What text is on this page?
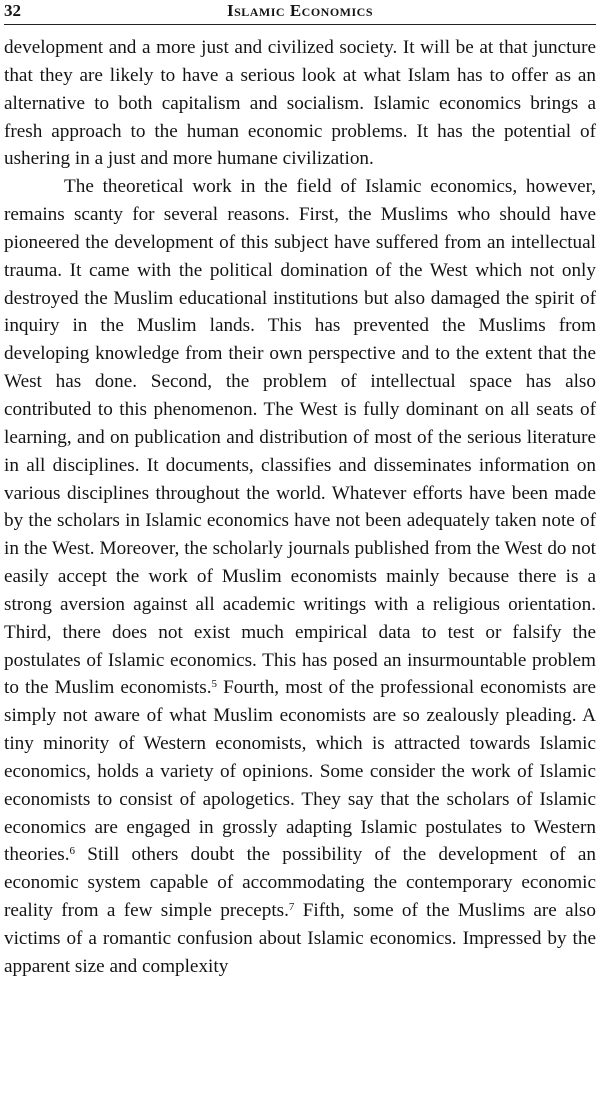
32	Islamic Economics

development and a more just and civilized society. It will be at that juncture that they are likely to have a serious look at what Islam has to offer as an alternative to both capitalism and socialism. Islamic economics brings a fresh approach to the human economic problems. It has the potential of ushering in a just and more humane civilization.

The theoretical work in the field of Islamic economics, however, remains scanty for several reasons. First, the Muslims who should have pioneered the development of this subject have suffered from an intellectual trauma. It came with the political domination of the West which not only destroyed the Muslim educational institutions but also damaged the spirit of inquiry in the Muslim lands. This has prevented the Muslims from developing knowledge from their own perspective and to the extent that the West has done. Second, the problem of intellectual space has also contributed to this phenomenon. The West is fully dominant on all seats of learning, and on publication and distribution of most of the serious literature in all disciplines. It documents, classifies and disseminates information on various disciplines throughout the world. Whatever efforts have been made by the scholars in Islamic economics have not been adequately taken note of in the West. Moreover, the scholarly journals published from the West do not easily accept the work of Muslim economists mainly because there is a strong aversion against all academic writings with a religious orientation. Third, there does not exist much empirical data to test or falsify the postulates of Islamic economics. This has posed an insurmountable problem to the Muslim economists.$^5$ Fourth, most of the professional economists are simply not aware of what Muslim economists are so zealously pleading. A tiny minority of Western economists, which is attracted towards Islamic economics, holds a variety of opinions. Some consider the work of Islamic economists to consist of apologetics. They say that the scholars of Islamic economics are engaged in grossly adapting Islamic postulates to Western theories.$^6$ Still others doubt the possibility of the development of an economic system capable of accommodating the contemporary economic reality from a few simple precepts.$^7$ Fifth, some of the Muslims are also victims of a romantic confusion about Islamic economics. Impressed by the apparent size and complexity
